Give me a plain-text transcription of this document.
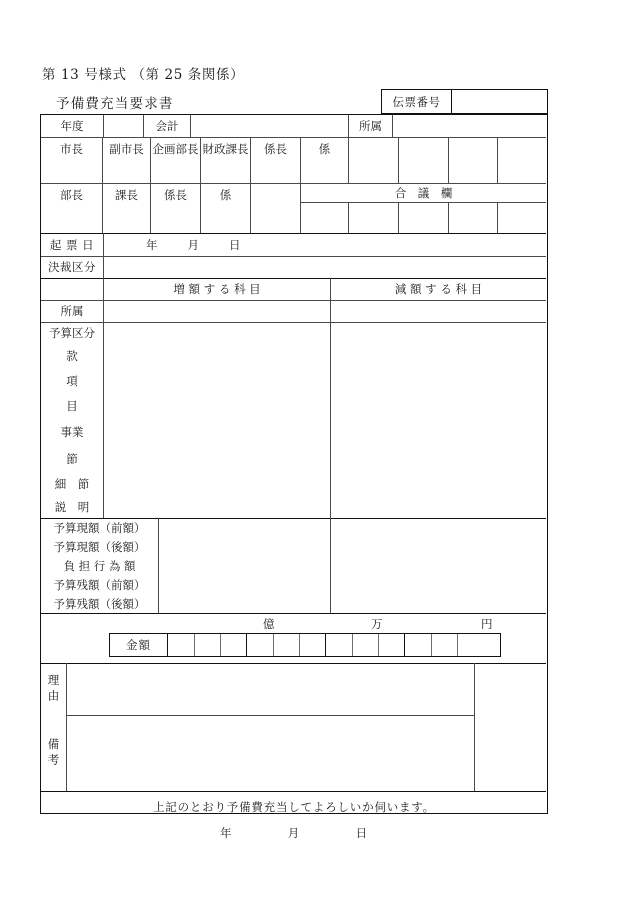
第 13 号様式 （第 25 条関係）
予備費充当要求書	伝票番号
年度	会計	所属
市長	副市長 企画部長 財政課長	係長	係
部長	課長	係長	係	合　議　欄
起 票 日	年	月	日
決裁区分
増 額 す る 科 目	減 額 す る 科 目
所属
予算区分
款
項
目
事業
節
細　節
説　明
予算現額（前額）
予算現額（後額）
負 担 行 為 額
予算残額（前額）
予算残額（後額）
億	万	円
金額
理由
備考
上記のとおり予備費充当してよろしいか伺います。
年	月	日
